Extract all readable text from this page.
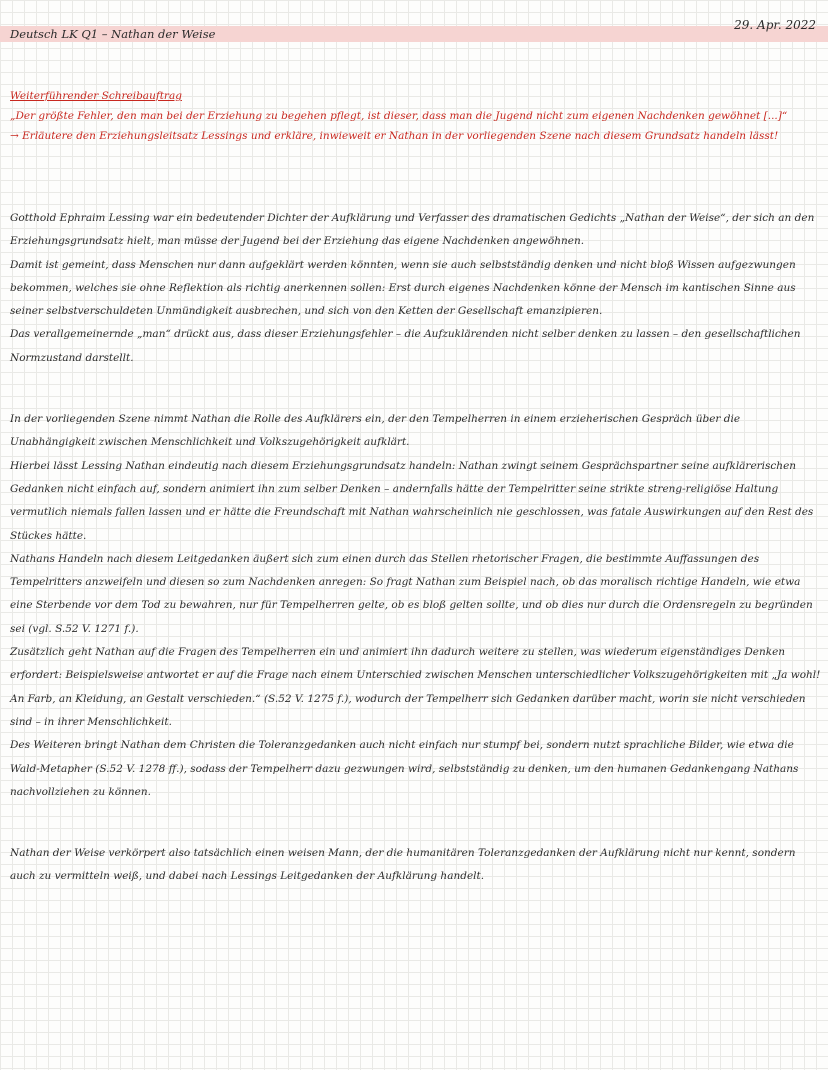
Deutsch LK Q1 – Nathan der Weise
29. Apr. 2022
Weiterführender Schreibauftrag
„Der größte Fehler, den man bei der Erziehung zu begehen pflegt, ist dieser, dass man die Jugend nicht zum eigenen Nachdenken gewöhnet [...]“
→ Erläutere den Erziehungsleitsatz Lessings und erkläre, inwieweit er Nathan in der vorliegenden Szene nach diesem Grundsatz handeln lässt!

Gotthold Ephraim Lessing war ein bedeutender Dichter der Aufklärung und Verfasser des dramatischen Gedichts „Nathan der Weise“, der sich an den Erziehungsgrundsatz hielt, man müsse der Jugend bei der Erziehung das eigene Nachdenken angewöhnen.

Damit ist gemeint, dass Menschen nur dann aufgeklärt werden könnten, wenn sie auch selbstständig denken und nicht bloß Wissen aufgezwungen bekommen, welches sie ohne Reflektion als richtig anerkennen sollen: Erst durch eigenes Nachdenken könne der Mensch im kantischen Sinne aus seiner selbstverschuldeten Unmündigkeit ausbrechen, und sich von den Ketten der Gesellschaft emanzipieren.

Das verallgemeinernde „man“ drückt aus, dass dieser Erziehungsfehler – die Aufzuklärenden nicht selber denken zu lassen – den gesellschaftlichen Normzustand darstellt.

In der vorliegenden Szene nimmt Nathan die Rolle des Aufklärers ein, der den Tempelherren in einem erzieherischen Gespräch über die Unabhängigkeit zwischen Menschlichkeit und Volkszugehörigkeit aufklärt.

Hierbei lässt Lessing Nathan eindeutig nach diesem Erziehungsgrundsatz handeln: Nathan zwingt seinem Gesprächspartner seine aufklärerischen Gedanken nicht einfach auf, sondern animiert ihn zum selber Denken – andernfalls hätte der Tempelritter seine strikte streng-religiöse Haltung vermutlich niemals fallen lassen und er hätte die Freundschaft mit Nathan wahrscheinlich nie geschlossen, was fatale Auswirkungen auf den Rest des Stückes hätte.

Nathans Handeln nach diesem Leitgedanken äußert sich zum einen durch das Stellen rhetorischer Fragen, die bestimmte Auffassungen des Tempelritters anzweifeln und diesen so zum Nachdenken anregen: So fragt Nathan zum Beispiel nach, ob das moralisch richtige Handeln, wie etwa eine Sterbende vor dem Tod zu bewahren, nur für Tempelherren gelte, ob es bloß gelten sollte, und ob dies nur durch die Ordensregeln zu begründen sei (vgl. S.52 V. 1271 f.).

Zusätzlich geht Nathan auf die Fragen des Tempelherren ein und animiert ihn dadurch weitere zu stellen, was wiederum eigenständiges Denken erfordert: Beispielsweise antwortet er auf die Frage nach einem Unterschied zwischen Menschen unterschiedlicher Volkszugehörigkeiten mit „Ja wohl! An Farb, an Kleidung, an Gestalt verschieden.“ (S.52 V. 1275 f.), wodurch der Tempelherr sich Gedanken darüber macht, worin sie nicht verschieden sind – in ihrer Menschlichkeit.

Des Weiteren bringt Nathan dem Christen die Toleranzgedanken auch nicht einfach nur stumpf bei, sondern nutzt sprachliche Bilder, wie etwa die Wald-Metapher (S.52 V. 1278 ff.), sodass der Tempelherr dazu gezwungen wird, selbstständig zu denken, um den humanen Gedankengang Nathans nachvollziehen zu können.

Nathan der Weise verkörpert also tatsächlich einen weisen Mann, der die humanitären Toleranzgedanken der Aufklärung nicht nur kennt, sondern auch zu vermitteln weiß, und dabei nach Lessings Leitgedanken der Aufklärung handelt.
